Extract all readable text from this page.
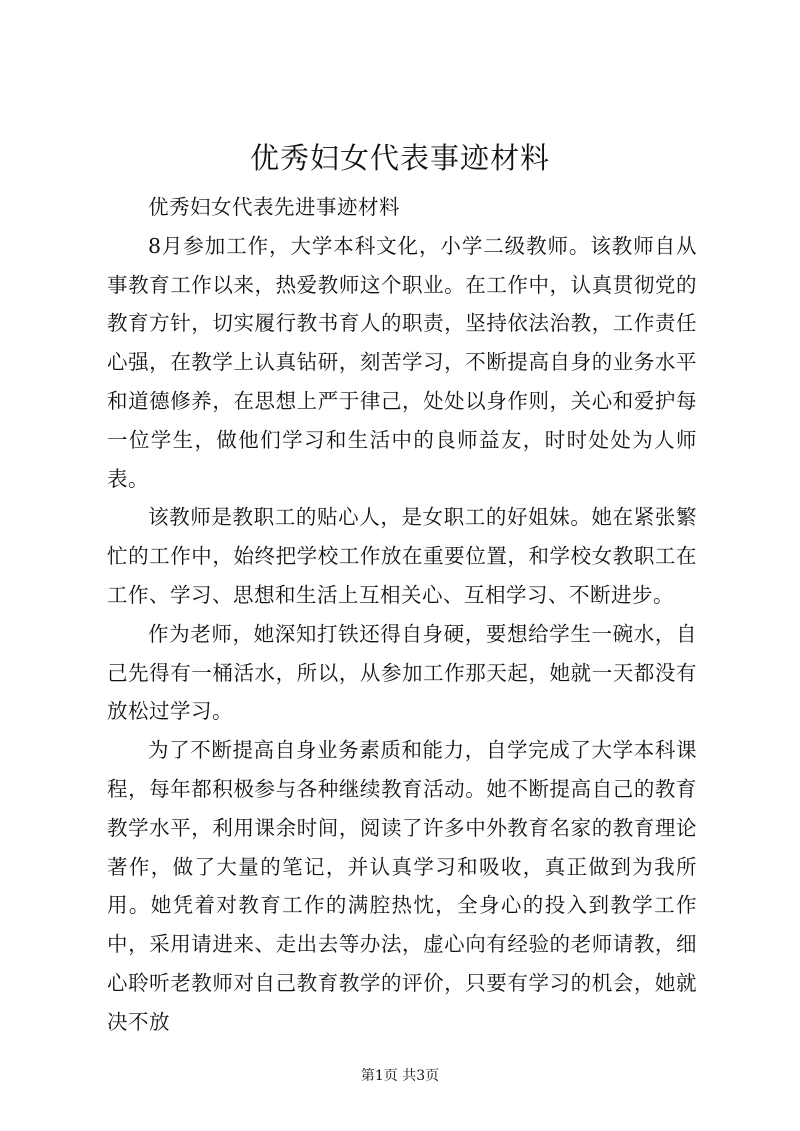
优秀妇女代表事迹材料

优秀妇女代表先进事迹材料

8月参加工作，大学本科文化，小学二级教师。该教师自从事教育工作以来，热爱教师这个职业。在工作中，认真贯彻党的教育方针，切实履行教书育人的职责，坚持依法治教，工作责任心强，在教学上认真钻研，刻苦学习，不断提高自身的业务水平和道德修养，在思想上严于律己，处处以身作则，关心和爱护每一位学生，做他们学习和生活中的良师益友，时时处处为人师表。

该教师是教职工的贴心人，是女职工的好姐妹。她在紧张繁忙的工作中，始终把学校工作放在重要位置，和学校女教职工在工作、学习、思想和生活上互相关心、互相学习、不断进步。

作为老师，她深知打铁还得自身硬，要想给学生一碗水，自己先得有一桶活水，所以，从参加工作那天起，她就一天都没有放松过学习。

为了不断提高自身业务素质和能力，自学完成了大学本科课程，每年都积极参与各种继续教育活动。她不断提高自己的教育教学水平，利用课余时间，阅读了许多中外教育名家的教育理论著作，做了大量的笔记，并认真学习和吸收，真正做到为我所用。她凭着对教育工作的满腔热忱，全身心的投入到教学工作中，采用请进来、走出去等办法，虚心向有经验的老师请教，细心聆听老教师对自己教育教学的评价，只要有学习的机会，她就决不放

第1页 共3页
